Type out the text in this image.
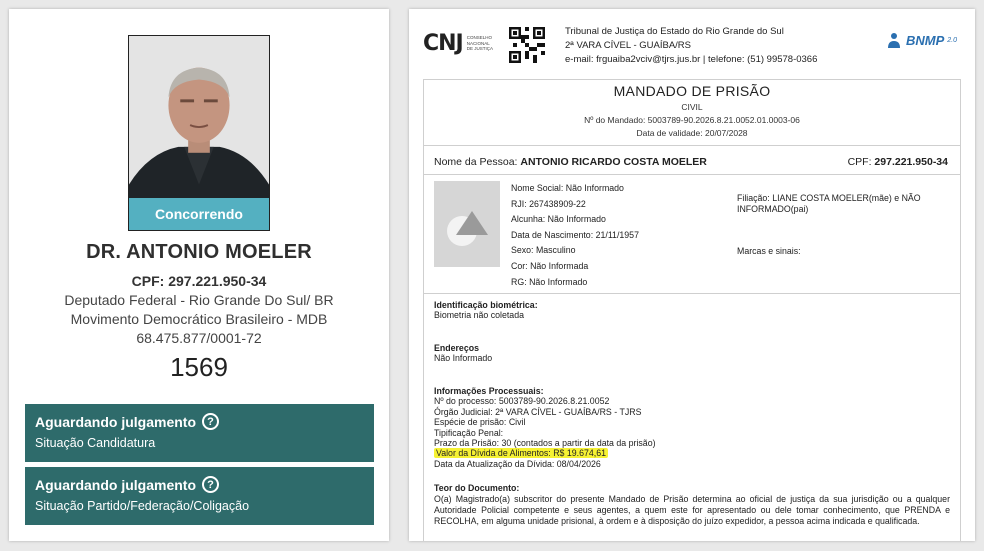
Concorrendo
DR. ANTONIO MOELER
CPF: 297.221.950-34
Deputado Federal - Rio Grande Do Sul/ BR
Movimento Democrático Brasileiro - MDB
68.475.877/0001-72
1569
Aguardando julgamento	?
Situação Candidatura
Aguardando julgamento	?
Situação Partido/Federação/Coligação
CNJ CONSELHO
NACIONAL
DE JUSTIÇA
Tribunal de Justiça do Estado do Rio Grande do Sul
2ª VARA CÍVEL - GUAÍBA/RS
e-mail: frguaiba2vciv@tjrs.jus.br | telefone: (51) 99578-0366
BNMP 2.0
MANDADO DE PRISÃO
CIVIL
Nº do Mandado: 5003789-90.2026.8.21.0052.01.0003-06
Data de validade: 20/07/2028
Nome da Pessoa: ANTONIO RICARDO COSTA MOELER	CPF: 297.221.950-34
Nome Social: Não Informado
RJI: 267438909-22
Alcunha: Não Informado
Data de Nascimento: 21/11/1957
Sexo: Masculino
Cor: Não Informada
RG: Não Informado
Filiação: LIANE COSTA MOELER(mãe) e NÃO INFORMADO(pai)
Marcas e sinais:
Identificação biométrica:
Biometria não coletada
Endereços
Não Informado
Informações Processuais:
Nº do processo: 5003789-90.2026.8.21.0052
Órgão Judicial: 2ª VARA CÍVEL - GUAÍBA/RS - TJRS
Espécie de prisão: Civil
Tipificação Penal:
Prazo da Prisão: 30 (contados a partir da data da prisão)
Valor da Dívida de Alimentos: R$ 19.674,61
Data da Atualização da Dívida: 08/04/2026
Teor do Documento:
O(a) Magistrado(a) subscritor do presente Mandado de Prisão determina ao oficial de justiça da sua jurisdição ou a qualquer Autoridade Policial competente e seus agentes, a quem este for apresentado ou dele tomar conhecimento, que PRENDA e RECOLHA, em alguma unidade prisional, à ordem e à disposição do juízo expedidor, a pessoa acima indicada e qualificada.
